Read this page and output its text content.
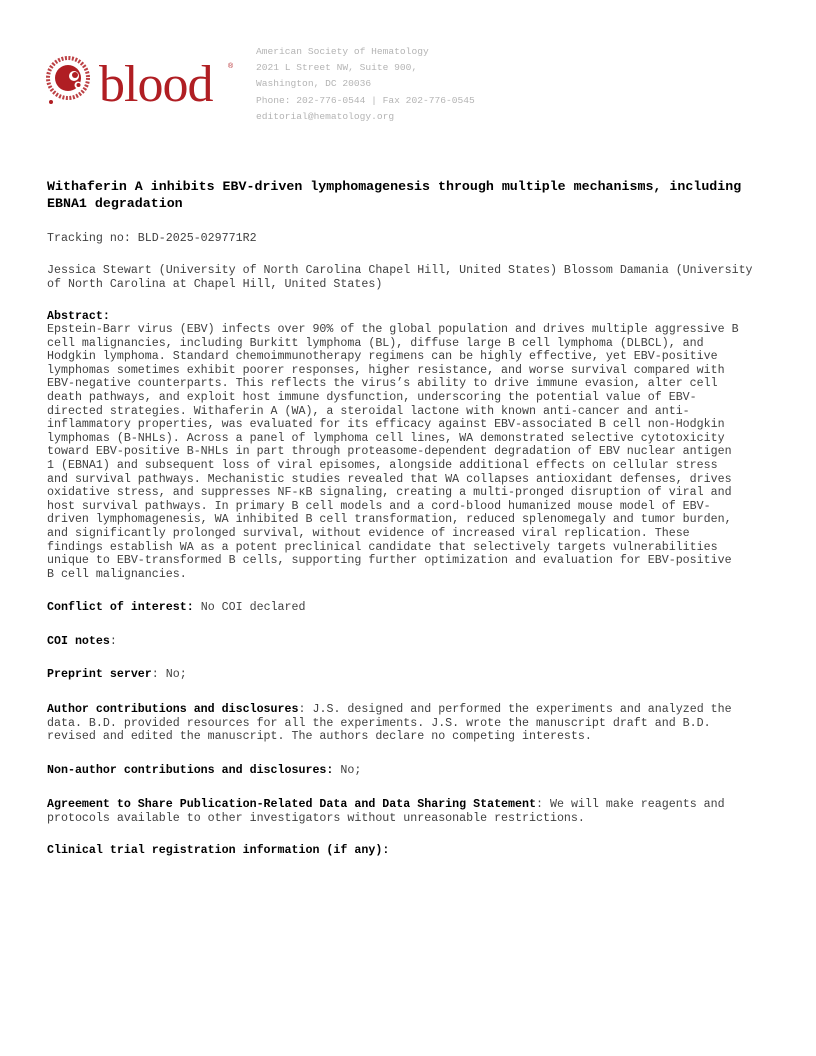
blood ®
American Society of Hematology
2021 L Street NW, Suite 900,
Washington, DC 20036
Phone: 202-776-0544 | Fax 202-776-0545
editorial@hematology.org
Withaferin A inhibits EBV-driven lymphomagenesis through multiple mechanisms, including EBNA1 degradation
Tracking no: BLD-2025-029771R2
Jessica Stewart (University of North Carolina Chapel Hill, United States) Blossom Damania (University of North Carolina at Chapel Hill, United States)
Abstract:
Epstein-Barr virus (EBV) infects over 90% of the global population and drives multiple aggressive B
cell malignancies, including Burkitt lymphoma (BL), diffuse large B cell lymphoma (DLBCL), and
Hodgkin lymphoma. Standard chemoimmunotherapy regimens can be highly effective, yet EBV-positive
lymphomas sometimes exhibit poorer responses, higher resistance, and worse survival compared with
EBV-negative counterparts. This reflects the virus’s ability to drive immune evasion, alter cell
death pathways, and exploit host immune dysfunction, underscoring the potential value of EBV-
directed strategies. Withaferin A (WA), a steroidal lactone with known anti-cancer and anti-
inflammatory properties, was evaluated for its efficacy against EBV-associated B cell non-Hodgkin
lymphomas (B-NHLs). Across a panel of lymphoma cell lines, WA demonstrated selective cytotoxicity
toward EBV-positive B-NHLs in part through proteasome-dependent degradation of EBV nuclear antigen
1 (EBNA1) and subsequent loss of viral episomes, alongside additional effects on cellular stress
and survival pathways. Mechanistic studies revealed that WA collapses antioxidant defenses, drives
oxidative stress, and suppresses NF-κB signaling, creating a multi-pronged disruption of viral and
host survival pathways. In primary B cell models and a cord-blood humanized mouse model of EBV-
driven lymphomagenesis, WA inhibited B cell transformation, reduced splenomegaly and tumor burden,
and significantly prolonged survival, without evidence of increased viral replication. These
findings establish WA as a potent preclinical candidate that selectively targets vulnerabilities
unique to EBV-transformed B cells, supporting further optimization and evaluation for EBV-positive
B cell malignancies.
Conflict of interest: No COI declared
COI notes:
Preprint server: No;
Author contributions and disclosures: J.S. designed and performed the experiments and analyzed the
data. B.D. provided resources for all the experiments. J.S. wrote the manuscript draft and B.D.
revised and edited the manuscript. The authors declare no competing interests.
Non-author contributions and disclosures: No;
Agreement to Share Publication-Related Data and Data Sharing Statement: We will make reagents and
protocols available to other investigators without unreasonable restrictions.
Clinical trial registration information (if any):
